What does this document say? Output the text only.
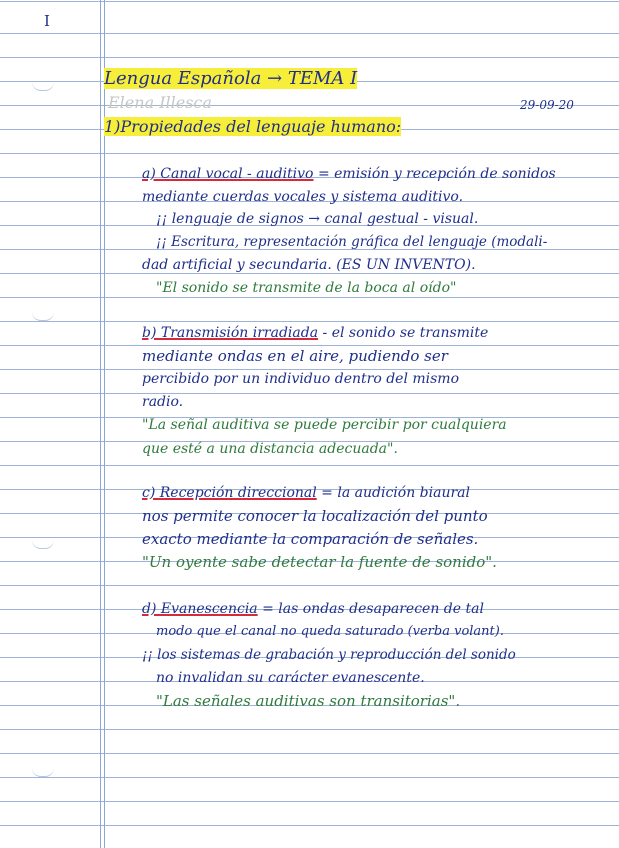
I
Lengua Española → TEMA I
Elena Illesca	29-09-20
1)Propiedades del lenguaje humano:
a) Canal vocal - auditivo = emisión y recepción de sonidos
mediante cuerdas vocales y sistema auditivo.
¡¡ lenguaje de signos → canal gestual - visual.
¡¡ Escritura, representación gráfica del lenguaje (modali-
dad artificial y secundaria. (ES UN INVENTO).
"El sonido se transmite de la boca al oído"
b) Transmisión irradiada - el sonido se transmite
mediante ondas en el aire, pudiendo ser
percibido por un individuo dentro del mismo
radio.
"La señal auditiva se puede percibir por cualquiera
que esté a una distancia adecuada".
c) Recepción direccional = la audición biaural
nos permite conocer la localización del punto
exacto mediante la comparación de señales.
"Un oyente sabe detectar la fuente de sonido".
d) Evanescencia = las ondas desaparecen de tal
modo que el canal no queda saturado (verba volant).
¡¡ los sistemas de grabación y reproducción del sonido
no invalidan su carácter evanescente.
"Las señales auditivas son transitorias".
